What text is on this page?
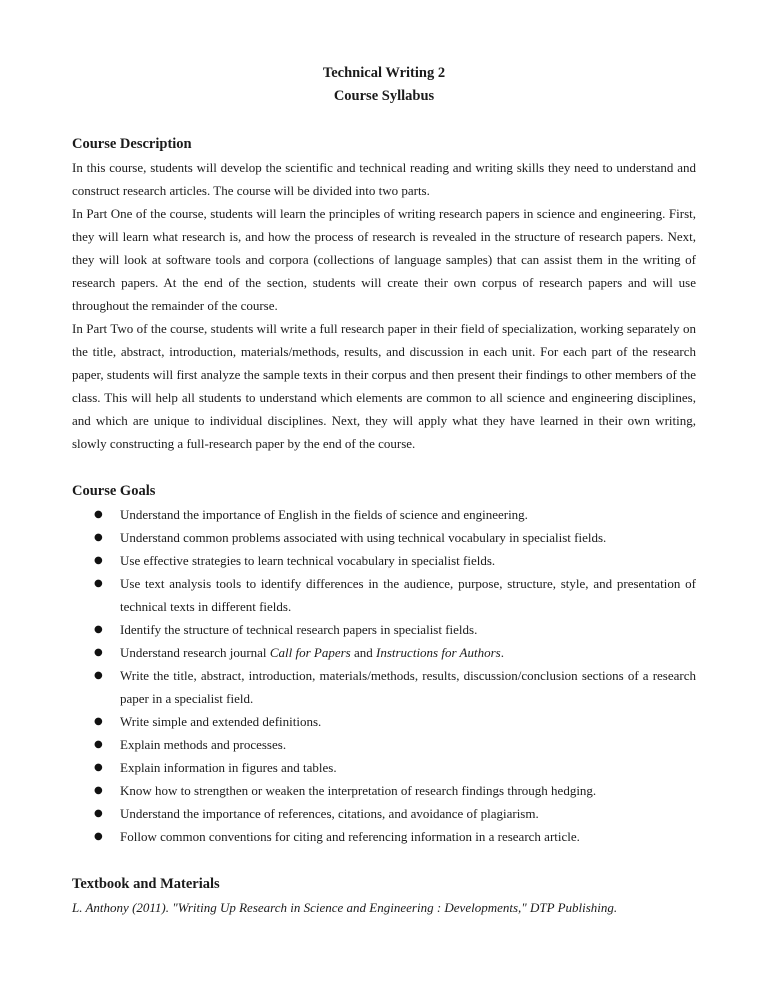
Technical Writing 2
Course Syllabus
Course Description

In this course, students will develop the scientific and technical reading and writing skills they need to understand and construct research articles. The course will be divided into two parts.

In Part One of the course, students will learn the principles of writing research papers in science and engineering. First, they will learn what research is, and how the process of research is revealed in the structure of research papers. Next, they will look at software tools and corpora (collections of language samples) that can assist them in the writing of research papers. At the end of the section, students will create their own corpus of research papers and will use throughout the remainder of the course.

In Part Two of the course, students will write a full research paper in their field of specialization, working separately on the title, abstract, introduction, materials/methods, results, and discussion in each unit. For each part of the research paper, students will first analyze the sample texts in their corpus and then present their findings to other members of the class. This will help all students to understand which elements are common to all science and engineering disciplines, and which are unique to individual disciplines. Next, they will apply what they have learned in their own writing, slowly constructing a full-research paper by the end of the course.

Course Goals
● Understand the importance of English in the fields of science and engineering.
● Understand common problems associated with using technical vocabulary in specialist fields.
● Use effective strategies to learn technical vocabulary in specialist fields.
● Use text analysis tools to identify differences in the audience, purpose, structure, style, and presentation of technical texts in different fields.
● Identify the structure of technical research papers in specialist fields.
● Understand research journal Call for Papers and Instructions for Authors.
● Write the title, abstract, introduction, materials/methods, results, discussion/conclusion sections of a research paper in a specialist field.
● Write simple and extended definitions.
● Explain methods and processes.
● Explain information in figures and tables.
● Know how to strengthen or weaken the interpretation of research findings through hedging.
● Understand the importance of references, citations, and avoidance of plagiarism.
● Follow common conventions for citing and referencing information in a research article.
Textbook and Materials

L. Anthony (2011). "Writing Up Research in Science and Engineering : Developments," DTP Publishing.
